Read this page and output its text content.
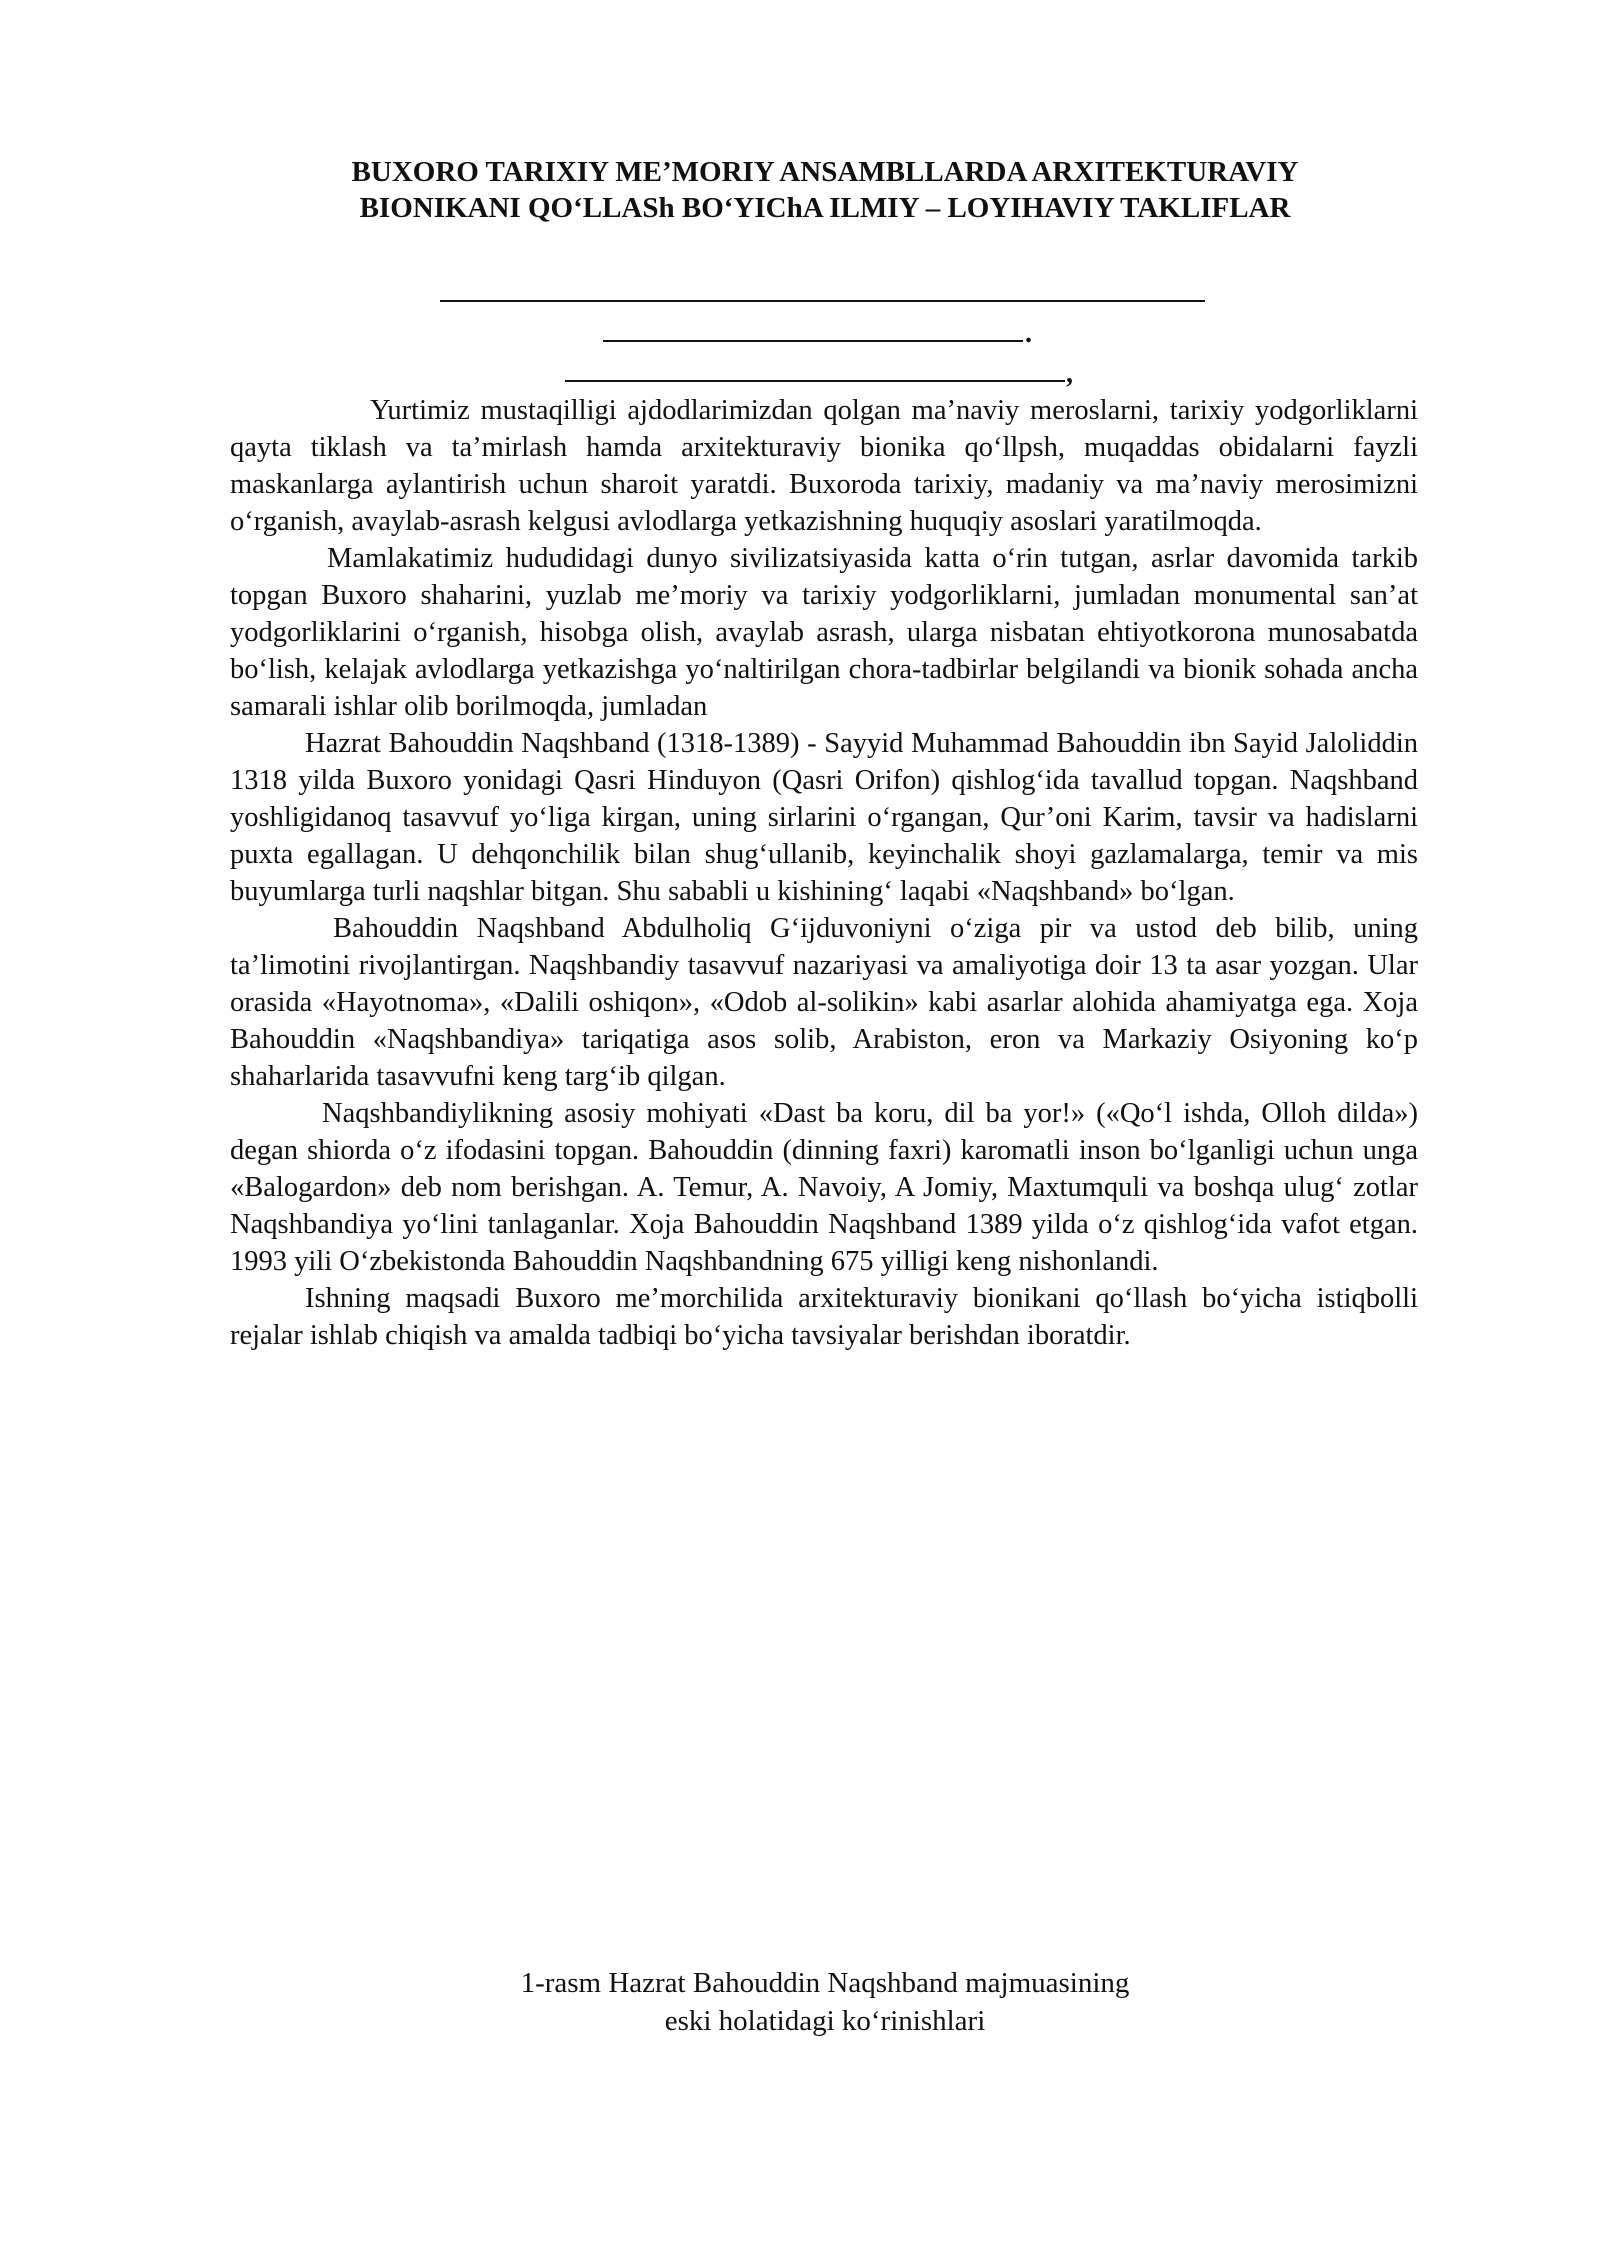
BUXORO TARIXIY ME’MORIY ANSAMBLLARDA ARXITEKTURAVIY
BIONIKANI QO‘LLASh BO‘YIChA ILMIY – LOYIHAVIY TAKLIFLAR
.
,

Yurtimiz mustaqilligi ajdodlarimizdan qolgan ma’naviy meroslarni, tarixiy yodgorliklarni qayta tiklash va ta’mirlash hamda arxitekturaviy bionika qo‘llpsh, muqaddas obidalarni fayzli maskanlarga aylantirish uchun sharoit yaratdi. Buxoroda tarixiy, madaniy va ma’naviy merosimizni o‘rganish, avaylab-asrash kelgusi avlodlarga yetkazishning huquqiy asoslari yaratilmoqda.

Mamlakatimiz hududidagi dunyo sivilizatsiyasida katta o‘rin tutgan, asrlar davomida tarkib topgan Buxoro shaharini, yuzlab me’moriy va tarixiy yodgorliklarni, jumladan monumental san’at yodgorliklarini o‘rganish, hisobga olish, avaylab asrash, ularga nisbatan ehtiyotkorona munosabatda bo‘lish, kelajak avlodlarga yetkazishga yo‘naltirilgan chora-tadbirlar belgilandi va bionik sohada ancha samarali ishlar olib borilmoqda, jumladan

Hazrat Bahouddin Naqshband (1318-1389) - Sayyid Muhammad Bahouddin ibn Sayid Jaloliddin 1318 yilda Buxoro yonidagi Qasri Hinduyon (Qasri Orifon) qishlog‘ida tavallud topgan. Naqshband yoshligidanoq tasavvuf yo‘liga kirgan, uning sirlarini o‘rgangan, Qur’oni Karim, tavsir va hadislarni puxta egallagan. U dehqonchilik bilan shug‘ullanib, keyinchalik shoyi gazlamalarga, temir va mis buyumlarga turli naqshlar bitgan. Shu sababli u kishining‘ laqabi «Naqshband» bo‘lgan.

Bahouddin Naqshband Abdulholiq G‘ijduvoniyni o‘ziga pir va ustod deb bilib, uning ta’limotini rivojlantirgan. Naqshbandiy tasavvuf nazariyasi va amaliyotiga doir 13 ta asar yozgan. Ular orasida «Hayotnoma», «Dalili oshiqon», «Odob al-solikin» kabi asarlar alohida ahamiyatga ega. Xoja Bahouddin «Naqshbandiya» tariqatiga asos solib, Arabiston, eron va Markaziy Osiyoning ko‘p shaharlarida tasavvufni keng targ‘ib qilgan.

Naqshbandiylikning asosiy mohiyati «Dast ba koru, dil ba yor!» («Qo‘l ishda, Olloh dilda») degan shiorda o‘z ifodasini topgan. Bahouddin (dinning faxri) karomatli inson bo‘lganligi uchun unga «Balogardon» deb nom berishgan. A. Temur, A. Navoiy, A Jomiy, Maxtumquli va boshqa ulug‘ zotlar Naqshbandiya yo‘lini tanlaganlar. Xoja Bahouddin Naqshband 1389 yilda o‘z qishlog‘ida vafot etgan. 1993 yili O‘zbekistonda Bahouddin Naqshbandning 675 yilligi keng nishonlandi.

Ishning maqsadi Buxoro me’morchilida arxitekturaviy bionikani qo‘llash bo‘yicha istiqbolli rejalar ishlab chiqish va amalda tadbiqi bo‘yicha tavsiyalar berishdan iboratdir.

1-rasm Hazrat Bahouddin Naqshband majmuasining
eski holatidagi ko‘rinishlari
